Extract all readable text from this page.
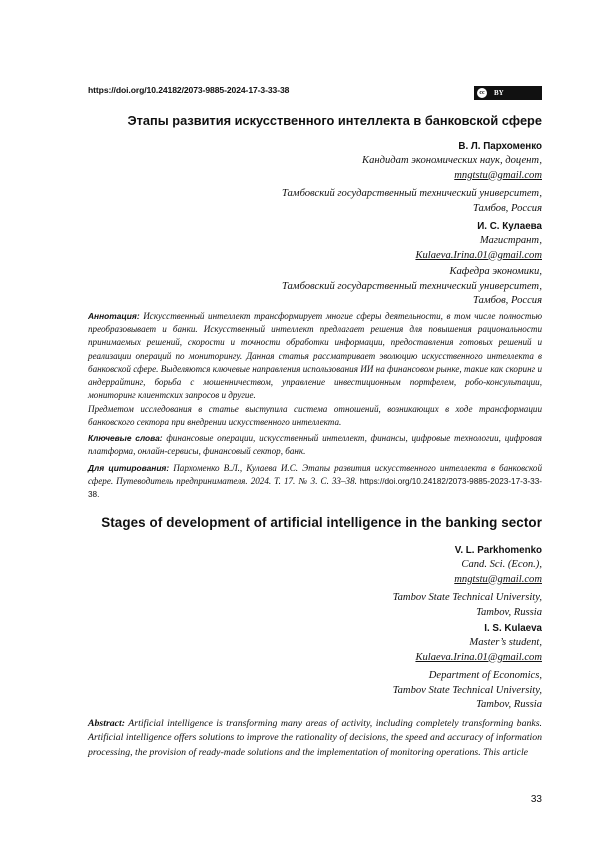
https://doi.org/10.24182/2073-9885-2024-17-3-33-38	cc	BY
Этапы развития искусственного интеллекта в банковской сфере
В. Л. Пархоменко
Кандидат экономических наук, доцент,
mngtstu@gmail.com
Тамбовский государственный технический университет,
Тамбов, Россия
И. С. Кулаева
Магистрант,
Kulaeva.Irina.01@gmail.com
Кафедра экономики,
Тамбовский государственный технический университет,
Тамбов, Россия
Аннотация: Искусственный интеллект трансформирует многие сферы деятельности, в том числе полностью преобразовывает и банки. Искусственный интеллект предлагает решения для повышения рациональности принимаемых решений, скорости и точности обработки информации, предоставления готовых решений и реализации операций по мониторингу. Данная статья рассматривает эволюцию искусственного интеллекта в банковской сфере. Выделяются ключевые направления использования ИИ на финансовом рынке, такие как скоринг и андеррайтинг, борьба с мошенничеством, управление инвестиционным портфелем, робо-консультации, мониторинг клиентских запросов и другие.
Предметом исследования в статье выступила система отношений, возникающих в ходе трансформации банковского сектора при внедрении искусственного интеллекта.
Ключевые слова: финансовые операции, искусственный интеллект, финансы, цифровые технологии, цифровая платформа, онлайн-сервисы, финансовый сектор, банк.
Для цитирования: Пархоменко В.Л., Кулаева И.С. Этапы развития искусственного интеллекта в банковской сфере. Путеводитель предпринимателя. 2024. Т. 17. № 3. С. 33–38. https://doi.org/10.24182/2073-9885-2023-17-3-33-38.
Stages of development of artificial intelligence in the banking sector
V. L. Parkhomenko
Cand. Sci. (Econ.),
mngtstu@gmail.com
Tambov State Technical University,
Tambov, Russia
I. S. Kulaeva
Master’s student,
Kulaeva.Irina.01@gmail.com
Department of Economics,
Tambov State Technical University,
Tambov, Russia
Abstract: Artificial intelligence is transforming many areas of activity, including completely transforming banks. Artificial intelligence offers solutions to improve the rationality of decisions, the speed and accuracy of information processing, the provision of ready-made solutions and the implementation of monitoring operations. This article
33
